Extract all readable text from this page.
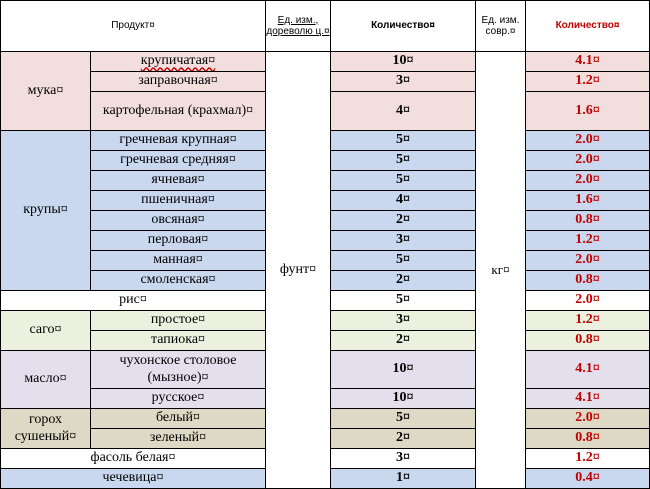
Продукт¤		Ед. изм., дореволю ц.¤	Количество¤	Ед. изм. совр.¤	Количество¤
мука¤	крупичатая¤	фунт¤	10¤	кг¤	4.1¤
	заправочная¤		3¤		1.2¤
	картофельная (крахмал)¤		4¤		1.6¤
крупы¤	гречневая крупная¤		5¤		2.0¤
	гречневая средняя¤		5¤		2.0¤
	ячневая¤		5¤		2.0¤
	пшеничная¤		4¤		1.6¤
	овсяная¤		2¤		0.8¤
	перловая¤		3¤		1.2¤
	манная¤		5¤		2.0¤
	смоленская¤		2¤		0.8¤
рис¤			5¤		2.0¤
саго¤	простое¤		3¤		1.2¤
	тапиока¤		2¤		0.8¤
масло¤	чухонское столовое (мызное)¤		10¤		4.1¤
	русское¤		10¤		4.1¤
горох сушеный¤	белый¤		5¤		2.0¤
	зеленый¤		2¤		0.8¤
фасоль белая¤			3¤		1.2¤
чечевица¤			1¤		0.4¤
